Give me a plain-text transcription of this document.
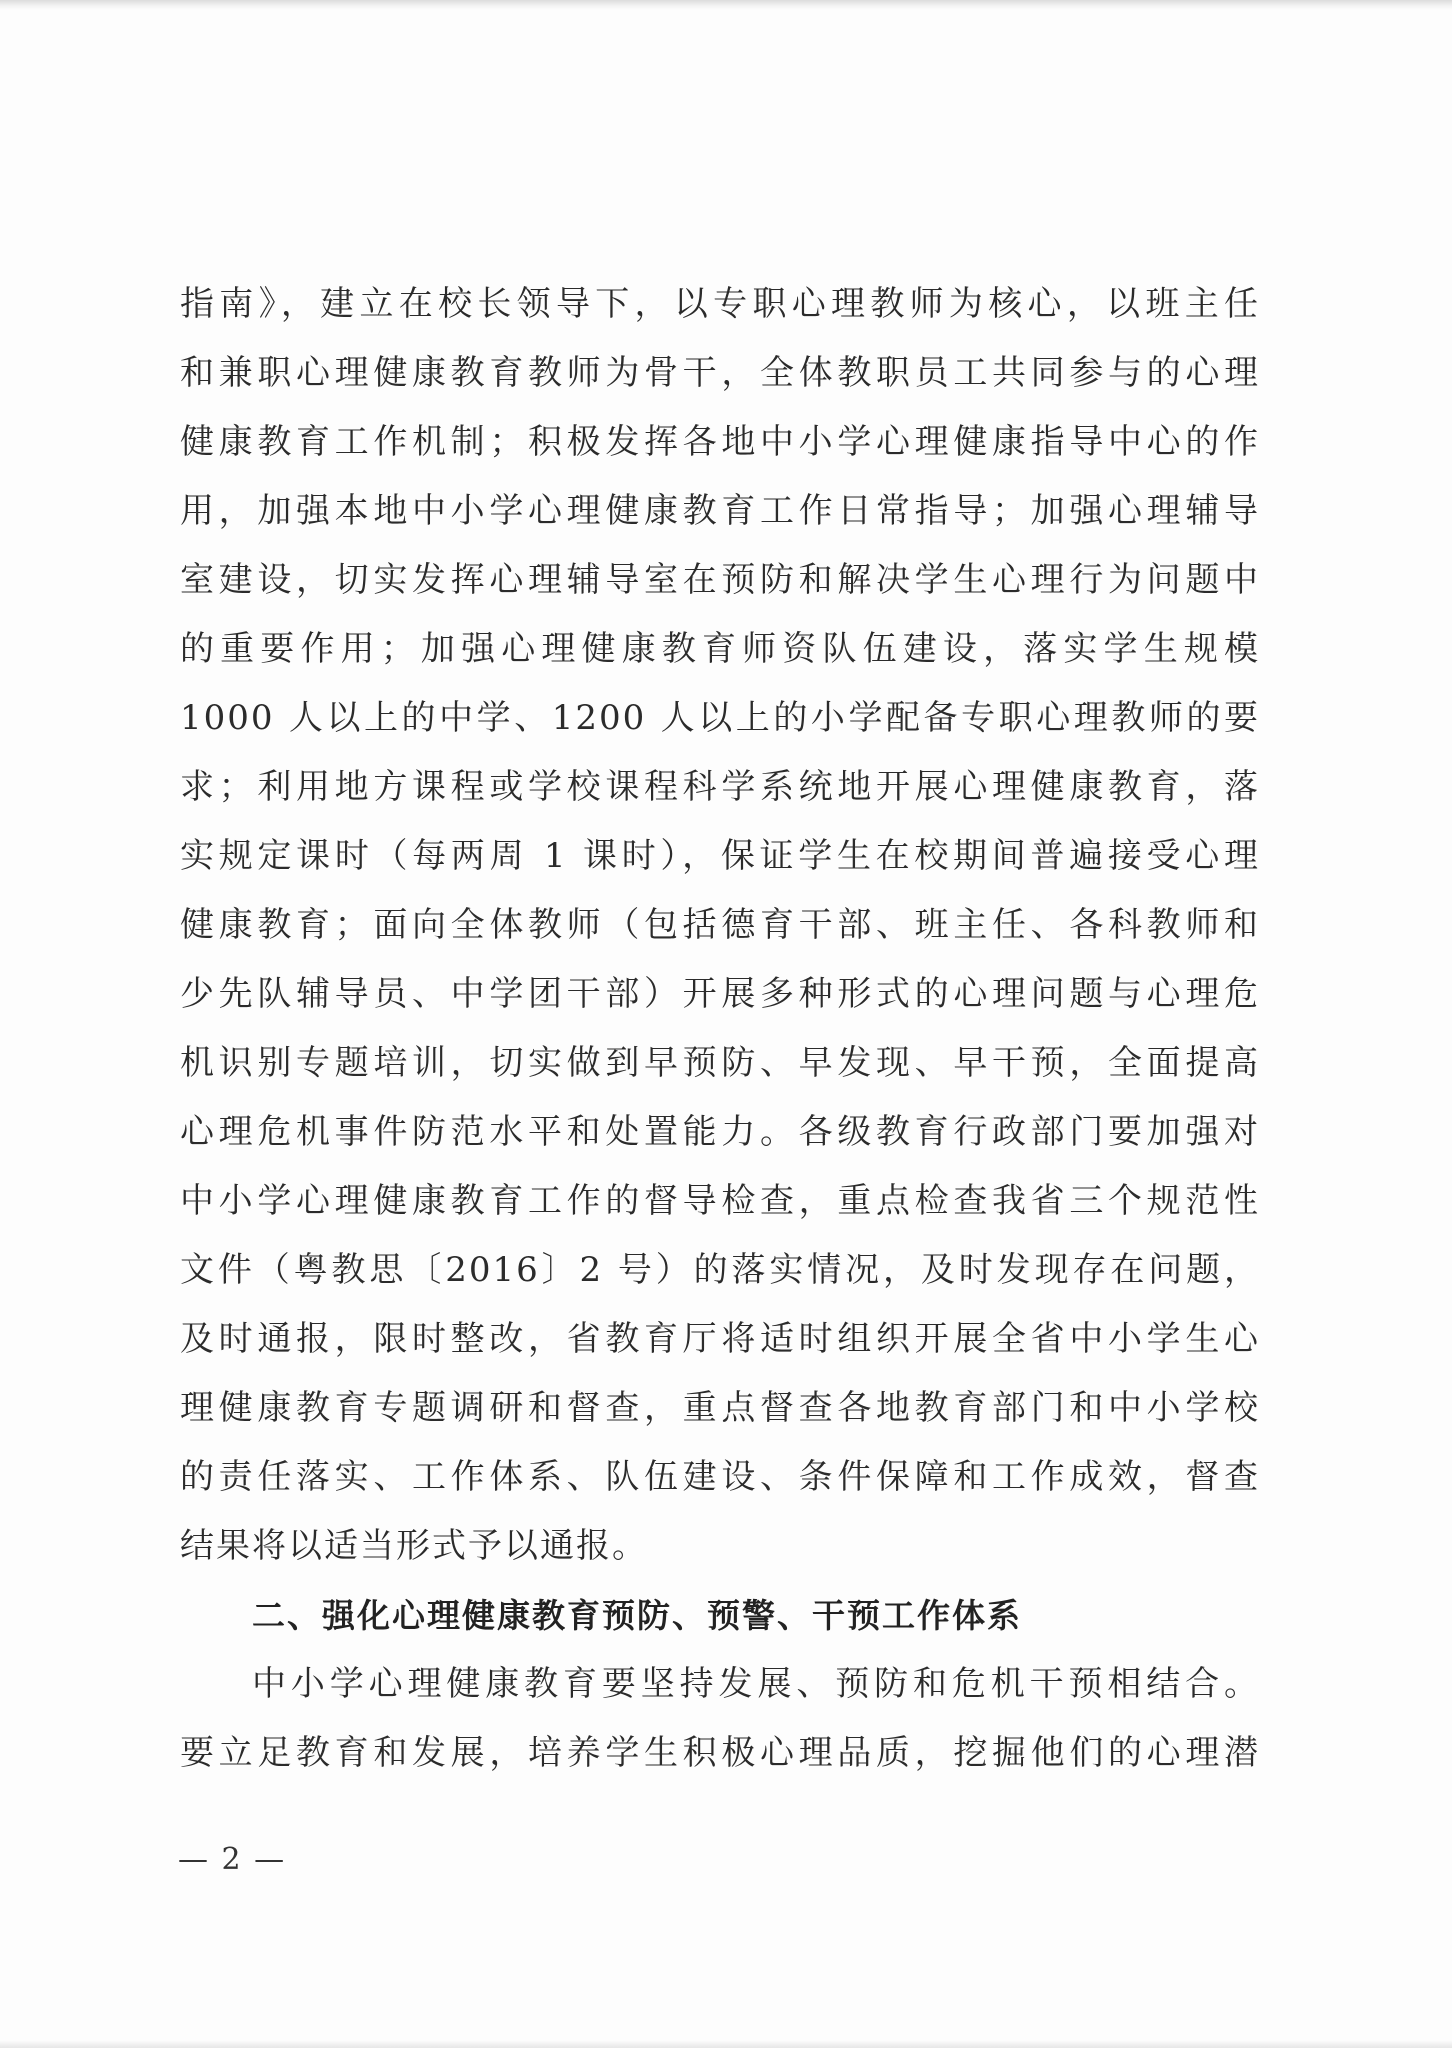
指南》，建立在校长领导下，以专职心理教师为核心，以班主任
和兼职心理健康教育教师为骨干，全体教职员工共同参与的心理
健康教育工作机制；积极发挥各地中小学心理健康指导中心的作
用，加强本地中小学心理健康教育工作日常指导；加强心理辅导
室建设，切实发挥心理辅导室在预防和解决学生心理行为问题中
的重要作用；加强心理健康教育师资队伍建设，落实学生规模
1000 人以上的中学、1200 人以上的小学配备专职心理教师的要
求；利用地方课程或学校课程科学系统地开展心理健康教育，落
实规定课时（每两周 1 课时），保证学生在校期间普遍接受心理
健康教育；面向全体教师（包括德育干部、班主任、各科教师和
少先队辅导员、中学团干部）开展多种形式的心理问题与心理危
机识别专题培训，切实做到早预防、早发现、早干预，全面提高
心理危机事件防范水平和处置能力。各级教育行政部门要加强对
中小学心理健康教育工作的督导检查，重点检查我省三个规范性
文件（粤教思〔2016〕2 号）的落实情况，及时发现存在问题，
及时通报，限时整改，省教育厅将适时组织开展全省中小学生心
理健康教育专题调研和督查，重点督查各地教育部门和中小学校
的责任落实、工作体系、队伍建设、条件保障和工作成效，督查
结果将以适当形式予以通报。
二、强化心理健康教育预防、预警、干预工作体系
中小学心理健康教育要坚持发展、预防和危机干预相结合。
要立足教育和发展，培养学生积极心理品质，挖掘他们的心理潜
— 2 —
